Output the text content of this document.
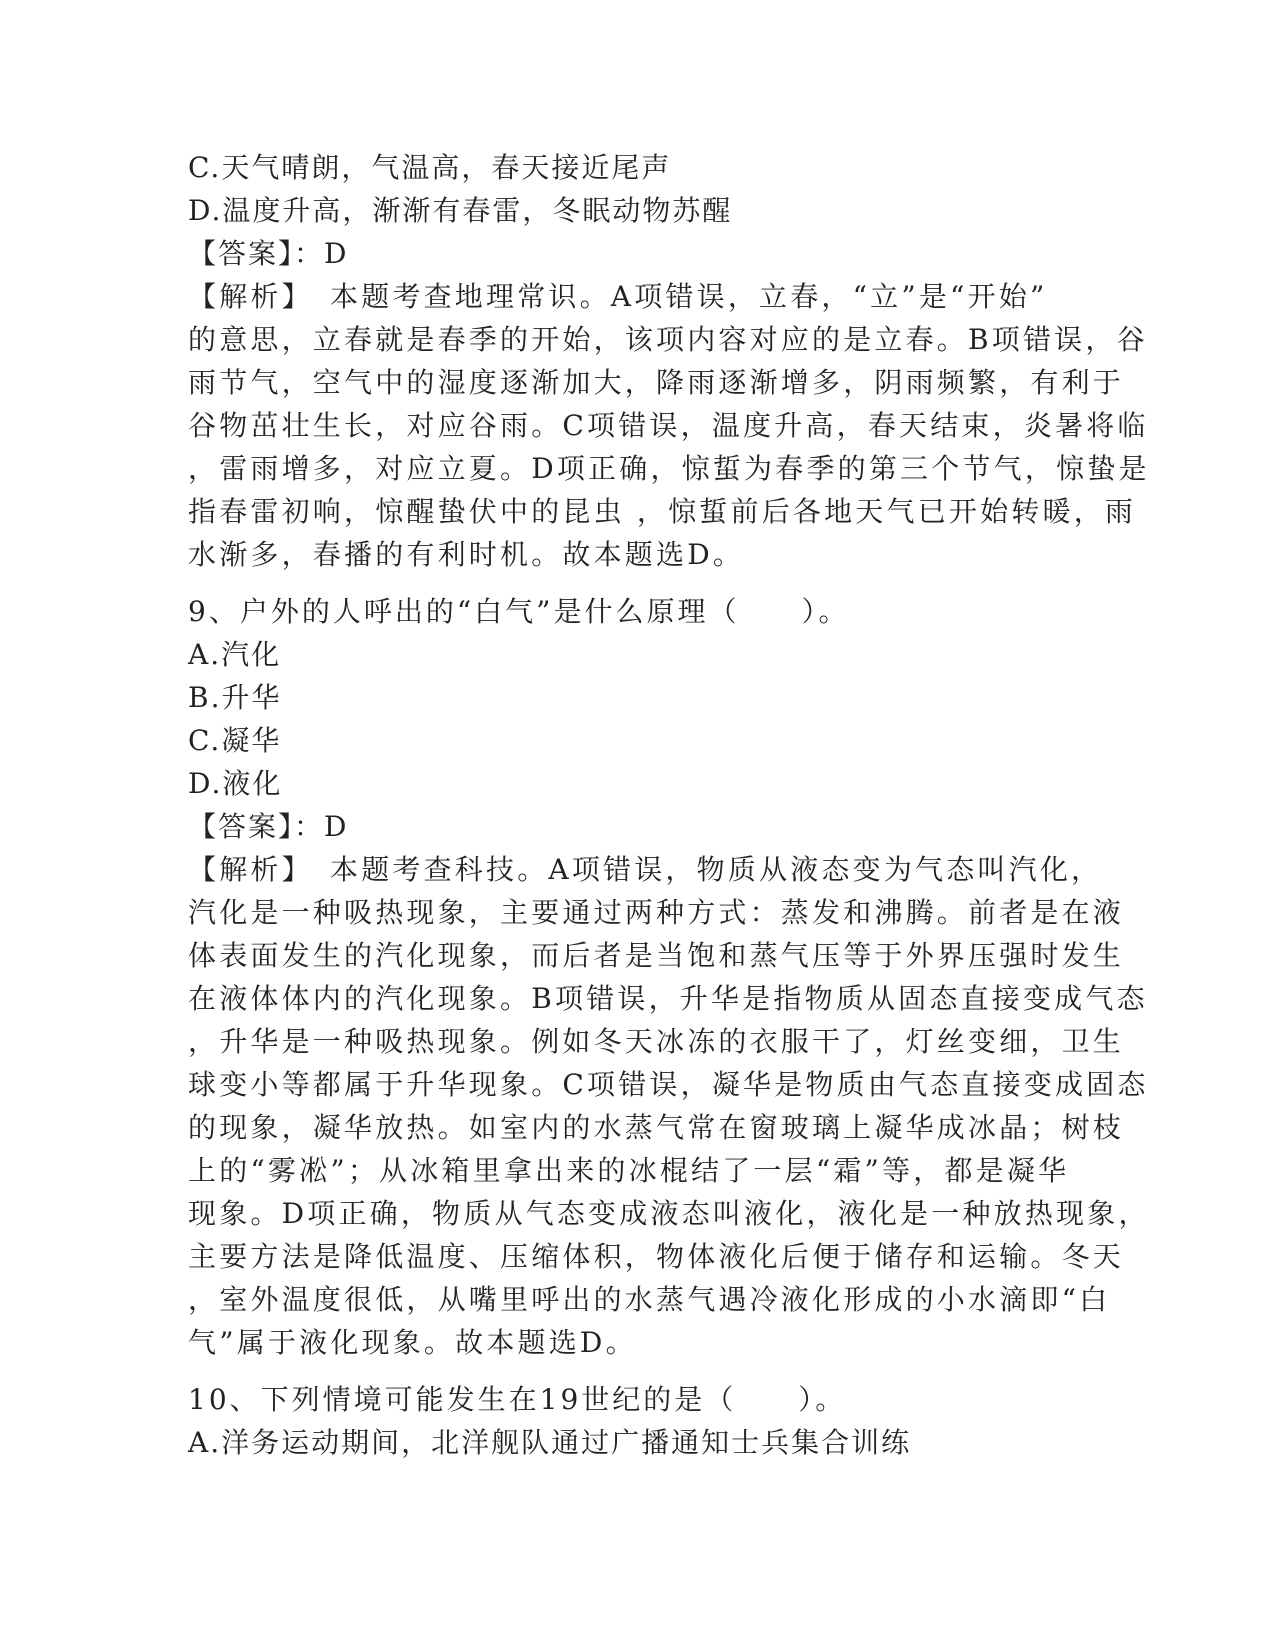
C.天气晴朗，气温高，春天接近尾声
D.温度升高，渐渐有春雷，冬眠动物苏醒
【答案】：D
【解析】　本题考查地理常识。A项错误，立春，“立”是“开始”
的意思，立春就是春季的开始，该项内容对应的是立春。B项错误，谷
雨节气，空气中的湿度逐渐加大，降雨逐渐增多，阴雨频繁，有利于
谷物茁壮生长，对应谷雨。C项错误，温度升高，春天结束，炎暑将临
，雷雨增多，对应立夏。D项正确，惊蜇为春季的第三个节气，惊蛰是
指春雷初响，惊醒蛰伏中的昆虫 ，惊蜇前后各地天气已开始转暖，雨
水渐多，春播的有利时机。故本题选D。
9、户外的人呼出的“白气”是什么原理（　　）。
A.汽化
B.升华
C.凝华
D.液化
【答案】：D
【解析】　本题考查科技。A项错误，物质从液态变为气态叫汽化，
汽化是一种吸热现象，主要通过两种方式：蒸发和沸腾。前者是在液
体表面发生的汽化现象，而后者是当饱和蒸气压等于外界压强时发生
在液体体内的汽化现象。B项错误，升华是指物质从固态直接变成气态
，升华是一种吸热现象。例如冬天冰冻的衣服干了，灯丝变细，卫生
球变小等都属于升华现象。C项错误，凝华是物质由气态直接变成固态
的现象，凝华放热。如室内的水蒸气常在窗玻璃上凝华成冰晶；树枝
上的“雾凇”；从冰箱里拿出来的冰棍结了一层“霜”等，都是凝华
现象。D项正确，物质从气态变成液态叫液化，液化是一种放热现象，
主要方法是降低温度、压缩体积，物体液化后便于储存和运输。冬天
，室外温度很低，从嘴里呼出的水蒸气遇冷液化形成的小水滴即“白
气”属于液化现象。故本题选D。
10、下列情境可能发生在19世纪的是（　　）。
A.洋务运动期间，北洋舰队通过广播通知士兵集合训练
